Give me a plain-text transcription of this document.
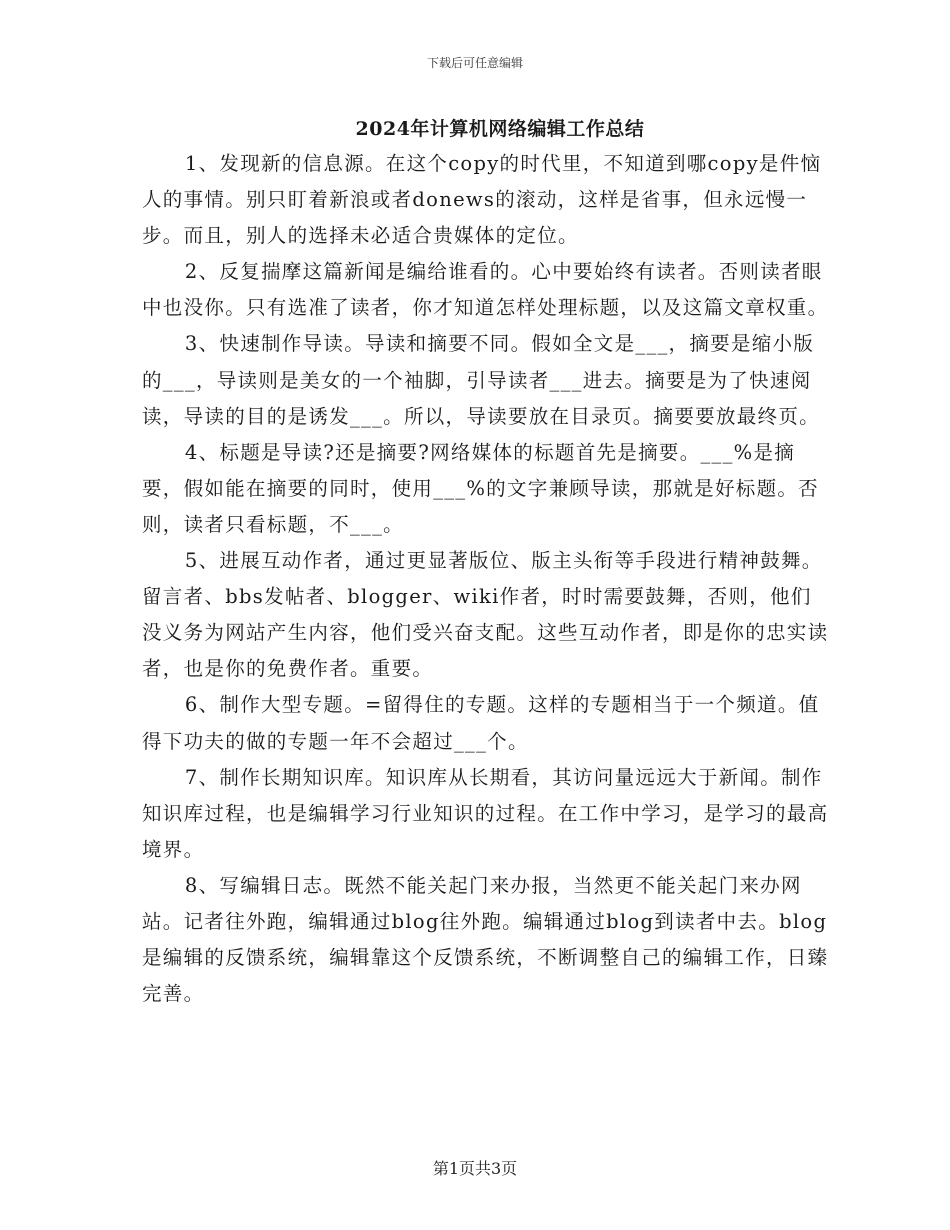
下载后可任意编辑
2024年计算机网络编辑工作总结

1、发现新的信息源。在这个copy的时代里，不知道到哪copy是件恼人的事情。别只盯着新浪或者donews的滚动，这样是省事，但永远慢一步。而且，别人的选择未必适合贵媒体的定位。

2、反复揣摩这篇新闻是编给谁看的。心中要始终有读者。否则读者眼中也没你。只有选准了读者，你才知道怎样处理标题，以及这篇文章权重。

3、快速制作导读。导读和摘要不同。假如全文是___，摘要是缩小版的___，导读则是美女的一个袖脚，引导读者___进去。摘要是为了快速阅读，导读的目的是诱发___。所以，导读要放在目录页。摘要要放最终页。

4、标题是导读?还是摘要?网络媒体的标题首先是摘要。___%是摘要，假如能在摘要的同时，使用___%的文字兼顾导读，那就是好标题。否则，读者只看标题，不___。

5、进展互动作者，通过更显著版位、版主头衔等手段进行精神鼓舞。留言者、bbs发帖者、blogger、wiki作者，时时需要鼓舞，否则，他们没义务为网站产生内容，他们受兴奋支配。这些互动作者，即是你的忠实读者，也是你的免费作者。重要。

6、制作大型专题。=留得住的专题。这样的专题相当于一个频道。值得下功夫的做的专题一年不会超过___个。

7、制作长期知识库。知识库从长期看，其访问量远远大于新闻。制作知识库过程，也是编辑学习行业知识的过程。在工作中学习，是学习的最高境界。

8、写编辑日志。既然不能关起门来办报，当然更不能关起门来办网站。记者往外跑，编辑通过blog往外跑。编辑通过blog到读者中去。blog是编辑的反馈系统，编辑靠这个反馈系统，不断调整自己的编辑工作，日臻完善。

第1页共3页
